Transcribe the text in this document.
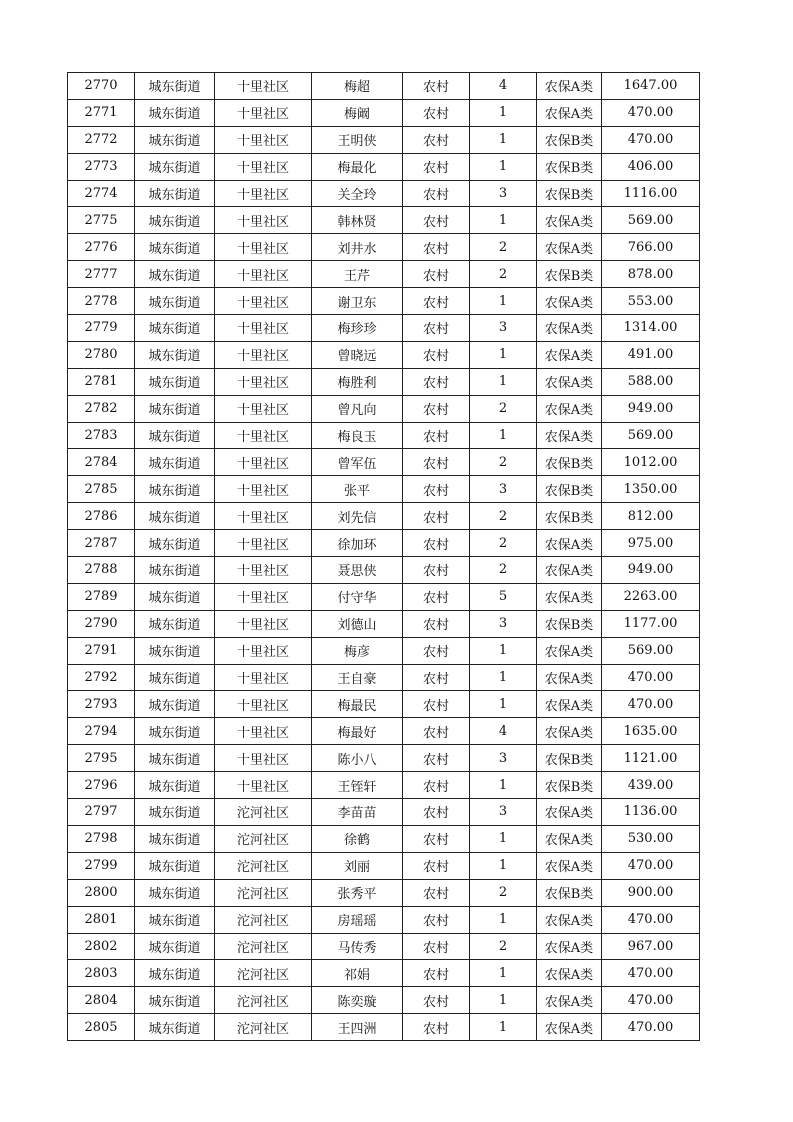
2770	城东街道	十里社区	梅超	农村	4	农保A类	1647.00
2771	城东街道	十里社区	梅阚	农村	1	农保A类	470.00
2772	城东街道	十里社区	王明侠	农村	1	农保B类	470.00
2773	城东街道	十里社区	梅最化	农村	1	农保B类	406.00
2774	城东街道	十里社区	关全玲	农村	3	农保B类	1116.00
2775	城东街道	十里社区	韩林贤	农村	1	农保A类	569.00
2776	城东街道	十里社区	刘井水	农村	2	农保A类	766.00
2777	城东街道	十里社区	王芹	农村	2	农保B类	878.00
2778	城东街道	十里社区	谢卫东	农村	1	农保A类	553.00
2779	城东街道	十里社区	梅珍珍	农村	3	农保A类	1314.00
2780	城东街道	十里社区	曾晓远	农村	1	农保A类	491.00
2781	城东街道	十里社区	梅胜利	农村	1	农保A类	588.00
2782	城东街道	十里社区	曾凡向	农村	2	农保A类	949.00
2783	城东街道	十里社区	梅良玉	农村	1	农保A类	569.00
2784	城东街道	十里社区	曾军伍	农村	2	农保B类	1012.00
2785	城东街道	十里社区	张平	农村	3	农保B类	1350.00
2786	城东街道	十里社区	刘先信	农村	2	农保B类	812.00
2787	城东街道	十里社区	徐加环	农村	2	农保A类	975.00
2788	城东街道	十里社区	聂思侠	农村	2	农保A类	949.00
2789	城东街道	十里社区	付守华	农村	5	农保A类	2263.00
2790	城东街道	十里社区	刘德山	农村	3	农保B类	1177.00
2791	城东街道	十里社区	梅彦	农村	1	农保A类	569.00
2792	城东街道	十里社区	王自豪	农村	1	农保A类	470.00
2793	城东街道	十里社区	梅最民	农村	1	农保A类	470.00
2794	城东街道	十里社区	梅最好	农村	4	农保A类	1635.00
2795	城东街道	十里社区	陈小八	农村	3	农保B类	1121.00
2796	城东街道	十里社区	王铚轩	农村	1	农保B类	439.00
2797	城东街道	沱河社区	李苗苗	农村	3	农保A类	1136.00
2798	城东街道	沱河社区	徐鹤	农村	1	农保A类	530.00
2799	城东街道	沱河社区	刘丽	农村	1	农保A类	470.00
2800	城东街道	沱河社区	张秀平	农村	2	农保B类	900.00
2801	城东街道	沱河社区	房瑶瑶	农村	1	农保A类	470.00
2802	城东街道	沱河社区	马传秀	农村	2	农保A类	967.00
2803	城东街道	沱河社区	祁娟	农村	1	农保A类	470.00
2804	城东街道	沱河社区	陈奕璇	农村	1	农保A类	470.00
2805	城东街道	沱河社区	王四洲	农村	1	农保A类	470.00
